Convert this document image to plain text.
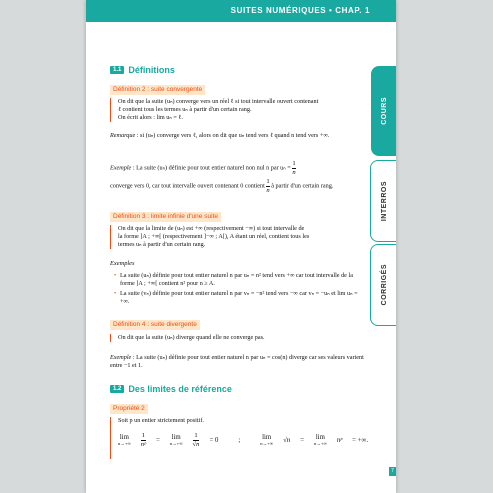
SUITES NUMÉRIQUES • CHAP. 1
1.1 Définitions
Définition 2 : suite convergente
On dit que la suite (uₙ) converge vers un réel ℓ si tout intervalle ouvert contenant
ℓ contient tous les termes uₙ à partir d'un certain rang.
On écrit alors : lim uₙ = ℓ.
Remarque : si (uₙ) converge vers ℓ, alors on dit que uₙ tend vers ℓ quand n tend vers +∞.
Exemple : La suite (uₙ) définie pour tout entier naturel non nul n par $u_n = \frac{1}{n}$
converge vers 0, car tout intervalle ouvert contenant 0 contient $\frac{1}{n}$ à partir d'un certain rang.
Définition 3 : limite infinie d'une suite
On dit que la limite de (uₙ) est +∞ (respectivement −∞) si tout intervalle de
la forme ]A ; +∞[ (respectivement ]−∞ ; A[), A étant un réel, contient tous les
termes uₙ à partir d'un certain rang.
Exemples
• La suite (uₙ) définie pour tout entier naturel n par uₙ = n² tend vers +∞ car tout intervalle de la forme ]A ; +∞[ contient n² pour n ≥ A.
• La suite (vₙ) définie pour tout entier naturel n par vₙ = −n² tend vers −∞ car vₙ = −uₙ et lim uₙ = +∞.
Définition 4 : suite divergente
On dit que la suite (uₙ) diverge quand elle ne converge pas.
Exemple : La suite (uₙ) définie pour tout entier naturel n par uₙ = cos(n) diverge car ses valeurs varient entre −1 et 1.
1.2 Des limites de référence
Propriété 2
Soit p un entier strictement positif.
lim
$n\to+\infty \frac{1}{\text{nᵖ}} = \lim$
$n\to+\infty \frac{1}{√n} = 0$	;	lim
n→+∞ √n = lim
n→+∞ nᵖ = +∞.
COURS
INTERROS
CORRIGÉS
7
